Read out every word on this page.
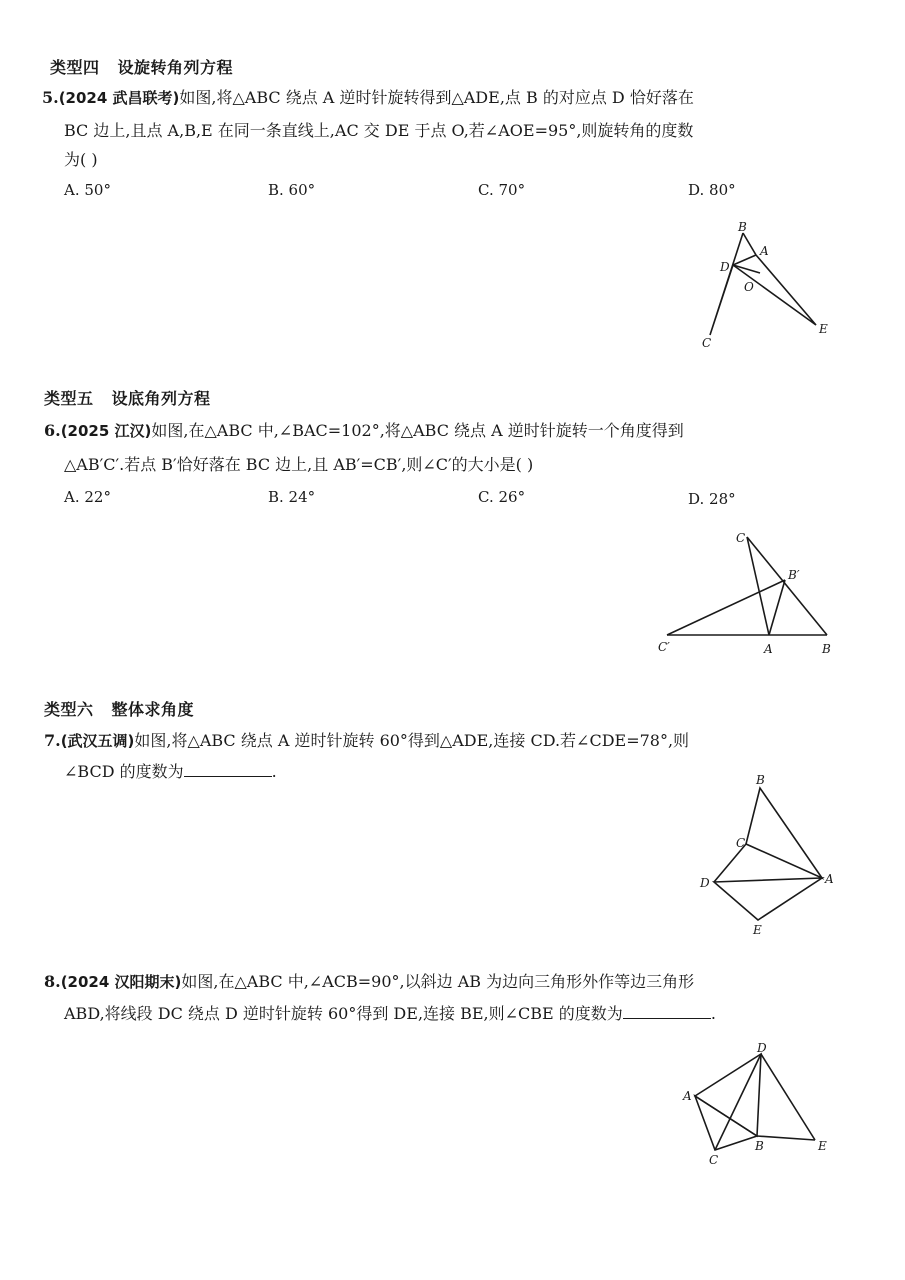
类型四 设旋转角列方程
5.(2024 武昌联考)如图,将△ABC 绕点 A 逆时针旋转得到△ADE,点 B 的对应点 D 恰好落在
BC 边上,且点 A,B,E 在同一条直线上,AC 交 DE 于点 O,若∠AOE=95°,则旋转角的度数
为( )
A. 50°	B. 60°	C. 70°	D. 80°
B
A
D
O
E
C
类型五 设底角列方程
6.(2025 江汉)如图,在△ABC 中,∠BAC=102°,将△ABC 绕点 A 逆时针旋转一个角度得到
△AB′C′.若点 B′恰好落在 BC 边上,且 AB′=CB′,则∠C′的大小是( )
A. 22°	B. 24°	C. 26°	D. 28°
C
B′
C′	A	B
类型六 整体求角度
7.(武汉五调)如图,将△ABC 绕点 A 逆时针旋转 60°得到△ADE,连接 CD.若∠CDE=78°,则
∠BCD 的度数为	.	B
C
D	A
E
8.(2024 汉阳期末)如图,在△ABC 中,∠ACB=90°,以斜边 AB 为边向三角形外作等边三角形
ABD,将线段 DC 绕点 D 逆时针旋转 60°得到 DE,连接 BE,则∠CBE 的度数为	.
D
A
B	E
C
